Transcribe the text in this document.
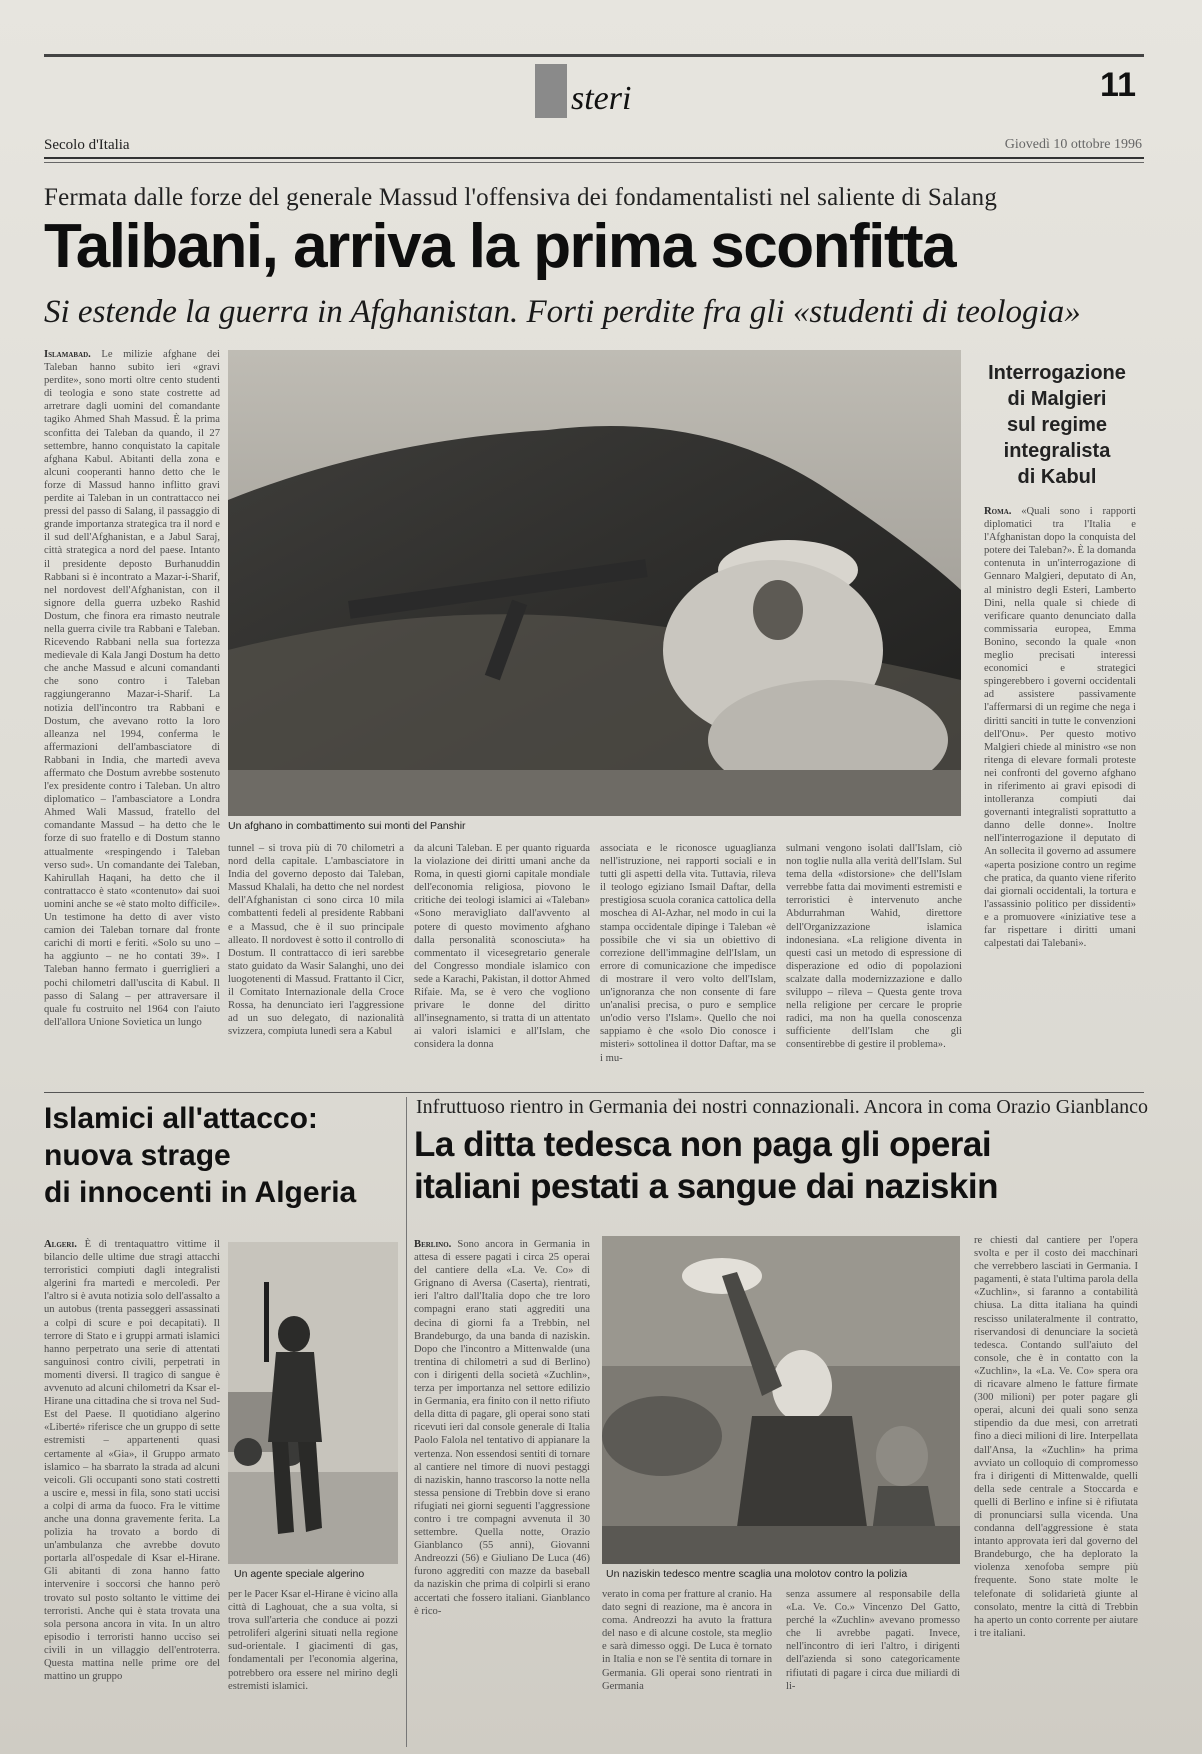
steri	11
Secolo d'Italia	Giovedì 10 ottobre 1996
Fermata dalle forze del generale Massud l'offensiva dei fondamentalisti nel saliente di Salang
Talibani, arriva la prima sconfitta
Si estende la guerra in Afghanistan. Forti perdite fra gli «studenti di teologia»
Islamabad. Le milizie afghane dei Taleban hanno subito ieri «gravi perdite», sono morti oltre cento studenti di teologia e sono state costrette ad arretrare dagli uomini del comandante tagiko Ahmed Shah Massud. È la prima sconfitta dei Taleban da quando, il 27 settembre, hanno conquistato la capitale afghana Kabul. Abitanti della zona e alcuni cooperanti hanno detto che le forze di Massud hanno inflitto gravi perdite ai Taleban in un contrattacco nei pressi del passo di Salang, il passaggio di grande importanza strategica tra il nord e il sud dell'Afghanistan, e a Jabul Saraj, città strategica a nord del paese. Intanto il presidente deposto Burhanuddin Rabbani si è incontrato a Mazar-i-Sharif, nel nordovest dell'Afghanistan, con il signore della guerra uzbeko Rashid Dostum, che finora era rimasto neutrale nella guerra civile tra Rabbani e Taleban. Ricevendo Rabbani nella sua fortezza medievale di Kala Jangi Dostum ha detto che anche Massud e alcuni comandanti che sono contro i Taleban raggiungeranno Mazar-i-Sharif. La notizia dell'incontro tra Rabbani e Dostum, che avevano rotto la loro alleanza nel 1994, conferma le affermazioni dell'ambasciatore di Rabbani in India, che martedì aveva affermato che Dostum avrebbe sostenuto l'ex presidente contro i Taleban. Un altro diplomatico – l'ambasciatore a Londra Ahmed Wali Massud, fratello del comandante Massud – ha detto che le forze di suo fratello e di Dostum stanno attualmente «respingendo i Taleban verso sud». Un comandante dei Taleban, Kahirullah Haqani, ha detto che il contrattacco è stato «contenuto» dai suoi uomini anche se «è stato molto difficile». Un testimone ha detto di aver visto camion dei Taleban tornare dal fronte carichi di morti e feriti. «Solo su uno – ha aggiunto – ne ho contati 39». I Taleban hanno fermato i guerriglieri a pochi chilometri dall'uscita di Kabul. Il passo di Salang – per attraversare il quale fu costruito nel 1964 con l'aiuto dell'allora Unione Sovietica un lungo
Un afghano in combattimento sui monti del Panshir
tunnel – si trova più di 70 chilometri a nord della capitale. L'ambasciatore in India del governo deposto dai Taleban, Massud Khalali, ha detto che nel nordest dell'Afghanistan ci sono circa 10 mila combattenti fedeli al presidente Rabbani e a Massud, che è il suo principale alleato. Il nordovest è sotto il controllo di Dostum. Il contrattacco di ieri sarebbe stato guidato da Wasir Salanghi, uno dei luogotenenti di Massud. Frattanto il Cicr, il Comitato Internazionale della Croce Rossa, ha denunciato ieri l'aggressione ad un suo delegato, di nazionalità svizzera, compiuta lunedì sera a Kabul
da alcuni Taleban. E per quanto riguarda la violazione dei diritti umani anche da Roma, in questi giorni capitale mondiale dell'economia religiosa, piovono le critiche dei teologi islamici ai «Taleban» «Sono meravigliato dall'avvento al potere di questo movimento afghano dalla personalità sconosciuta» ha commentato il vicesegretario generale del Congresso mondiale islamico con sede a Karachi, Pakistan, il dottor Ahmed Rifaie. Ma, se è vero che vogliono privare le donne del diritto all'insegnamento, si tratta di un attentato ai valori islamici e all'Islam, che considera la donna
associata e le riconosce uguaglianza nell'istruzione, nei rapporti sociali e in tutti gli aspetti della vita. Tuttavia, rileva il teologo egiziano Ismail Daftar, della prestigiosa scuola coranica cattolica della moschea di Al-Azhar, nel modo in cui la stampa occidentale dipinge i Taleban «è possibile che vi sia un obiettivo di correzione dell'immagine dell'Islam, un errore di comunicazione che impedisce di mostrare il vero volto dell'Islam, un'ignoranza che non consente di fare un'analisi precisa, o puro e semplice un'odio verso l'Islam». Quello che noi sappiamo è che «solo Dio conosce i misteri» sottolinea il dottor Daftar, ma se i mu-
sulmani vengono isolati dall'Islam, ciò non toglie nulla alla verità dell'Islam. Sul tema della «distorsione» che dell'Islam verrebbe fatta dai movimenti estremisti e terroristici è intervenuto anche Abdurrahman Wahid, direttore dell'Organizzazione islamica indonesiana. «La religione diventa in questi casi un metodo di espressione di disperazione ed odio di popolazioni scalzate dalla modernizzazione e dallo sviluppo – rileva – Questa gente trova nella religione per cercare le proprie radici, ma non ha quella conoscenza sufficiente dell'Islam che gli consentirebbe di gestire il problema».
Interrogazione
di Malgieri
sul regime
integralista
di Kabul
Roma. «Quali sono i rapporti diplomatici tra l'Italia e l'Afghanistan dopo la conquista del potere dei Taleban?». È la domanda contenuta in un'interrogazione di Gennaro Malgieri, deputato di An, al ministro degli Esteri, Lamberto Dini, nella quale si chiede di verificare quanto denunciato dalla commissaria europea, Emma Bonino, secondo la quale «non meglio precisati interessi economici e strategici spingerebbero i governi occidentali ad assistere passivamente l'affermarsi di un regime che nega i diritti sanciti in tutte le convenzioni dell'Onu». Per questo motivo Malgieri chiede al ministro «se non ritenga di elevare formali proteste nei confronti del governo afghano in riferimento ai gravi episodi di intolleranza compiuti dai governanti integralisti soprattutto a danno delle donne». Inoltre nell'interrogazione il deputato di An sollecita il governo ad assumere «aperta posizione contro un regime che pratica, da quanto viene riferito dai giornali occidentali, la tortura e l'assassinio politico per dissidenti» e a promuovere «iniziative tese a far rispettare i diritti umani calpestati dai Talebani».
Islamici all'attacco:
nuova strage
di innocenti in Algeria
Algeri. È di trentaquattro vittime il bilancio delle ultime due stragi attacchi terroristici compiuti dagli integralisti algerini fra martedì e mercoledì. Per l'altro si è avuta notizia solo dell'assalto a un autobus (trenta passeggeri assassinati a colpi di scure e poi decapitati). Il terrore di Stato e i gruppi armati islamici hanno perpetrato una serie di attentati sanguinosi contro civili, perpetrati in momenti diversi. Il tragico di sangue è avvenuto ad alcuni chilometri da Ksar el-Hirane una cittadina che si trova nel Sud-Est del Paese. Il quotidiano algerino «Liberté» riferisce che un gruppo di sette estremisti – appartenenti quasi certamente al «Gia», il Gruppo armato islamico – ha sbarrato la strada ad alcuni veicoli. Gli occupanti sono stati costretti a uscire e, messi in fila, sono stati uccisi a colpi di arma da fuoco. Fra le vittime anche una donna gravemente ferita. La polizia ha trovato a bordo di un'ambulanza che avrebbe dovuto portarla all'ospedale di Ksar el-Hirane. Gli abitanti di zona hanno fatto intervenire i soccorsi che hanno però trovato sul posto soltanto le vittime dei terroristi. Anche qui è stata trovata una sola persona ancora in vita. In un altro episodio i terroristi hanno ucciso sei civili in un villaggio dell'entroterra. Questa mattina nelle prime ore del mattino un gruppo
Un agente speciale algerino
per le Pacer Ksar el-Hirane è vicino alla città di Laghouat, che a sua volta, si trova sull'arteria che conduce ai pozzi petroliferi algerini situati nella regione sud-orientale. I giacimenti di gas, fondamentali per l'economia algerina, potrebbero ora essere nel mirino degli estremisti islamici.
Infruttuoso rientro in Germania dei nostri connazionali. Ancora in coma Orazio Gianblanco
La ditta tedesca non paga gli operai
italiani pestati a sangue dai naziskin
Berlino. Sono ancora in Germania in attesa di essere pagati i circa 25 operai del cantiere della «La. Ve. Co» di Grignano di Aversa (Caserta), rientrati, ieri l'altro dall'Italia dopo che tre loro compagni erano stati aggrediti una decina di giorni fa a Trebbin, nel Brandeburgo, da una banda di naziskin. Dopo che l'incontro a Mittenwalde (una trentina di chilometri a sud di Berlino) con i dirigenti della società «Zuchlin», terza per importanza nel settore edilizio in Germania, era finito con il netto rifiuto della ditta di pagare, gli operai sono stati ricevuti ieri dal console generale di Italia Paolo Falola nel tentativo di appianare la vertenza. Non essendosi sentiti di tornare al cantiere nel timore di nuovi pestaggi di naziskin, hanno trascorso la notte nella stessa pensione di Trebbin dove si erano rifugiati nei giorni seguenti l'aggressione contro i tre compagni avvenuta il 30 settembre. Quella notte, Orazio Gianblanco (55 anni), Giovanni Andreozzi (56) e Giuliano De Luca (46) furono aggrediti con mazze da baseball da naziskin che prima di colpirli si erano accertati che fossero italiani. Gianblanco è rico-
Un naziskin tedesco mentre scaglia una molotov contro la polizia
verato in coma per fratture al cranio. Ha dato segni di reazione, ma è ancora in coma. Andreozzi ha avuto la frattura del naso e di alcune costole, sta meglio e sarà dimesso oggi. De Luca è tornato in Italia e non se l'è sentita di tornare in Germania. Gli operai sono rientrati in Germania
senza assumere al responsabile della «La. Ve. Co.» Vincenzo Del Gatto, perché la «Zuchlin» avevano promesso che li avrebbe pagati. Invece, nell'incontro di ieri l'altro, i dirigenti dell'azienda si sono categoricamente rifiutati di pagare i circa due miliardi di li-
re chiesti dal cantiere per l'opera svolta e per il costo dei macchinari che verrebbero lasciati in Germania. I pagamenti, è stata l'ultima parola della «Zuchlin», si faranno a contabilità chiusa. La ditta italiana ha quindi rescisso unilateralmente il contratto, riservandosi di denunciare la società tedesca. Contando sull'aiuto del console, che è in contatto con la «Zuchlin», la «La. Ve. Co» spera ora di ricavare almeno le fatture firmate (300 milioni) per poter pagare gli operai, alcuni dei quali sono senza stipendio da due mesi, con arretrati fino a dieci milioni di lire. Interpellata dall'Ansa, la «Zuchlin» ha prima avviato un colloquio di compromesso fra i dirigenti di Mittenwalde, quelli della sede centrale a Stoccarda e quelli di Berlino e infine si è rifiutata di pronunciarsi sulla vicenda. Una condanna dell'aggressione è stata intanto approvata ieri dal governo del Brandeburgo, che ha deplorato la violenza xenofoba sempre più frequente. Sono state molte le telefonate di solidarietà giunte al consolato, mentre la città di Trebbin ha aperto un conto corrente per aiutare i tre italiani.
